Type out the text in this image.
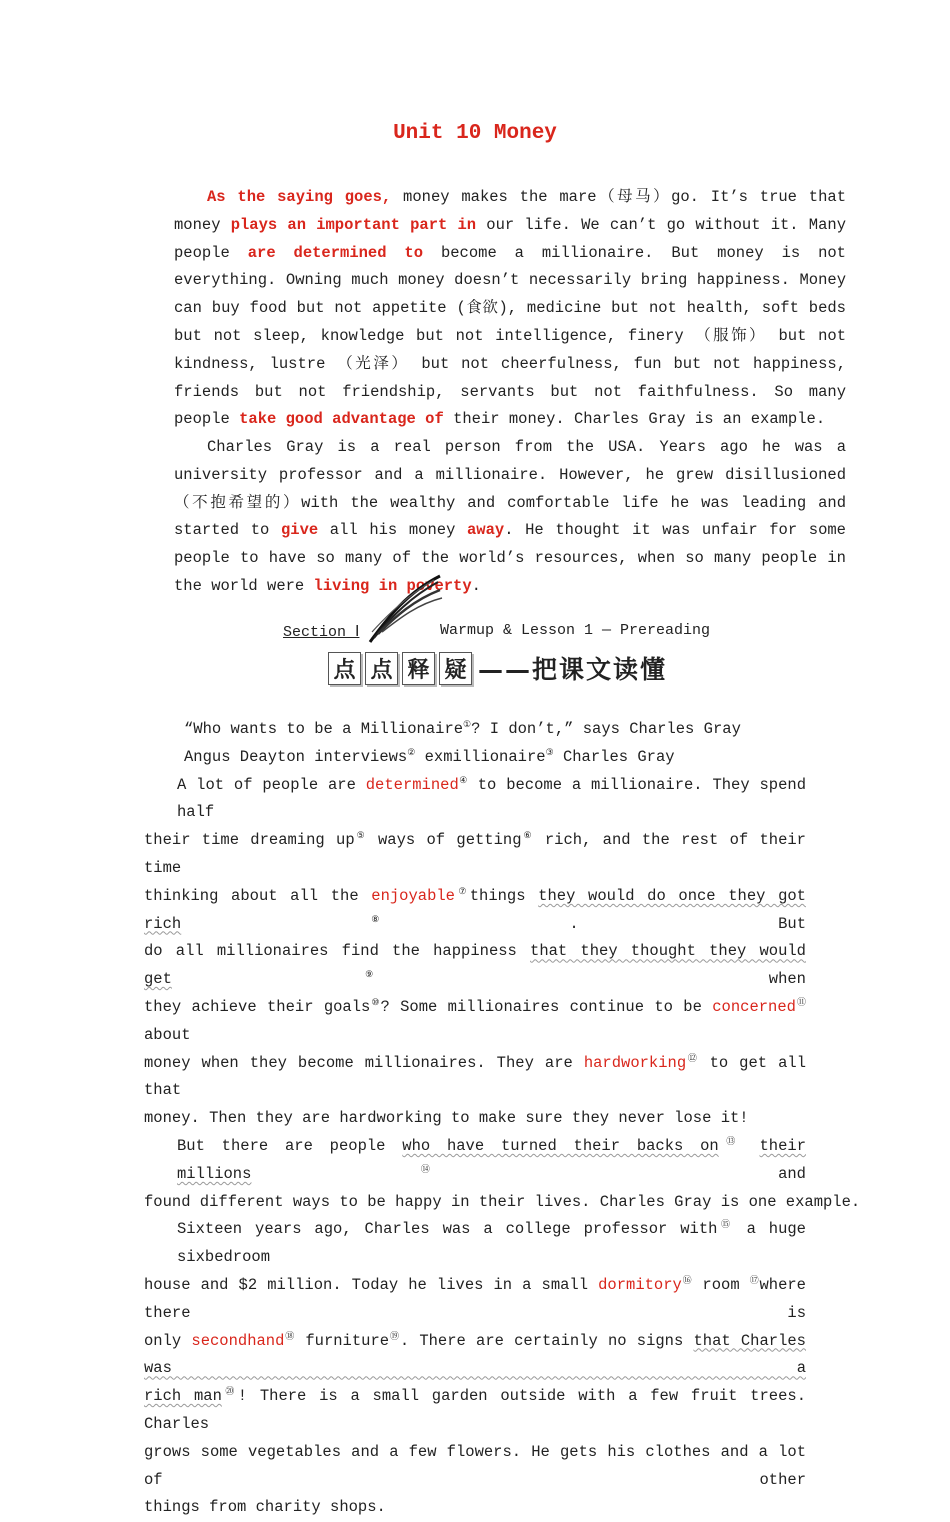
Unit 10 Money

As the saying goes, money makes the mare（母马）go. It’s true that money plays an important part in our life. We can’t go without it. Many people are determined to become a millionaire. But money is not everything. Owning much money doesn’t necessarily bring happiness. Money can buy food but not appetite (食欲), medicine but not health, soft beds but not sleep, knowledge but not intelligence, finery （服饰） but not kindness, lustre （光泽） but not cheerfulness, fun but not happiness, friends but not friendship, servants but not faithfulness. So many people take good advantage of their money. Charles Gray is an example.

Charles Gray is a real person from the USA. Years ago he was a university professor and a millionaire. However, he grew disillusioned（不抱希望的）with the wealthy and comfortable life he was leading and started to give all his money away. He thought it was unfair for some people to have so many of the world’s resources, when so many people in the world were living in poverty.

Section Ⅰ	Warmup & Lesson 1 — Prereading
点 点 释 疑 ——把课文读懂
“Who wants to be a Millionaire①? I don’t,” says Charles Gray
Angus Deayton interviews② exmillionaire③ Charles Gray
A lot of people are determined④ to become a millionaire. They spend half
their time dreaming up⑤ ways of getting⑥ rich, and the rest of their time
thinking about all the enjoyable⑦things they would do once they got rich⑧. But
do all millionaires find the happiness that they thought they would get⑨ when
they achieve their goals⑩? Some millionaires continue to be concerned⑪ about
money when they become millionaires. They are hardworking⑫ to get all that
money. Then they are hardworking to make sure they never lose it!
But there are people who have turned their backs on⑬ their millions⑭ and
found different ways to be happy in their lives. Charles Gray is one example.
Sixteen years ago, Charles was a college professor with⑮ a huge sixbedroom
house and $2 million. Today he lives in a small dormitory⑯ room ⑰where there is
only secondhand⑱ furniture⑲. There are certainly no signs that Charles was a
rich man⑳! There is a small garden outside with a few fruit trees. Charles
grows some vegetables and a few flowers. He gets his clothes and a lot of other
things from charity shops.
